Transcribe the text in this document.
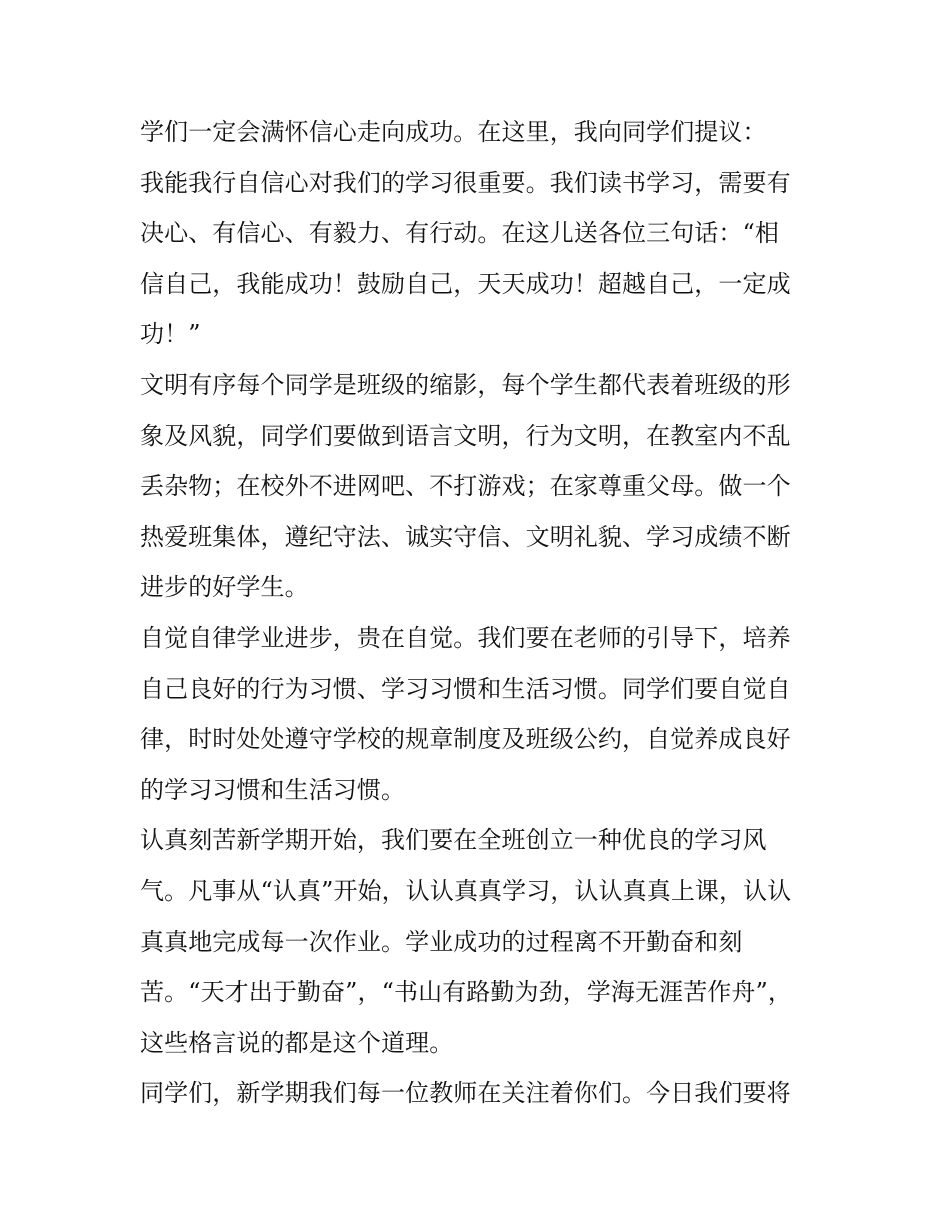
学们一定会满怀信心走向成功。在这里，我向同学们提议：
我能我行自信心对我们的学习很重要。我们读书学习，需要有
决心、有信心、有毅力、有行动。在这儿送各位三句话：“相
信自己，我能成功！鼓励自己，天天成功！超越自己，一定成
功！”
文明有序每个同学是班级的缩影，每个学生都代表着班级的形
象及风貌，同学们要做到语言文明，行为文明，在教室内不乱
丢杂物；在校外不进网吧、不打游戏；在家尊重父母。做一个
热爱班集体，遵纪守法、诚实守信、文明礼貌、学习成绩不断
进步的好学生。
自觉自律学业进步，贵在自觉。我们要在老师的引导下，培养
自己良好的行为习惯、学习习惯和生活习惯。同学们要自觉自
律，时时处处遵守学校的规章制度及班级公约，自觉养成良好
的学习习惯和生活习惯。
认真刻苦新学期开始，我们要在全班创立一种优良的学习风
气。凡事从“认真”开始，认认真真学习，认认真真上课，认认
真真地完成每一次作业。学业成功的过程离不开勤奋和刻
苦。“天才出于勤奋”，“书山有路勤为劲，学海无涯苦作舟”，
这些格言说的都是这个道理。
同学们，新学期我们每一位教师在关注着你们。今日我们要将
